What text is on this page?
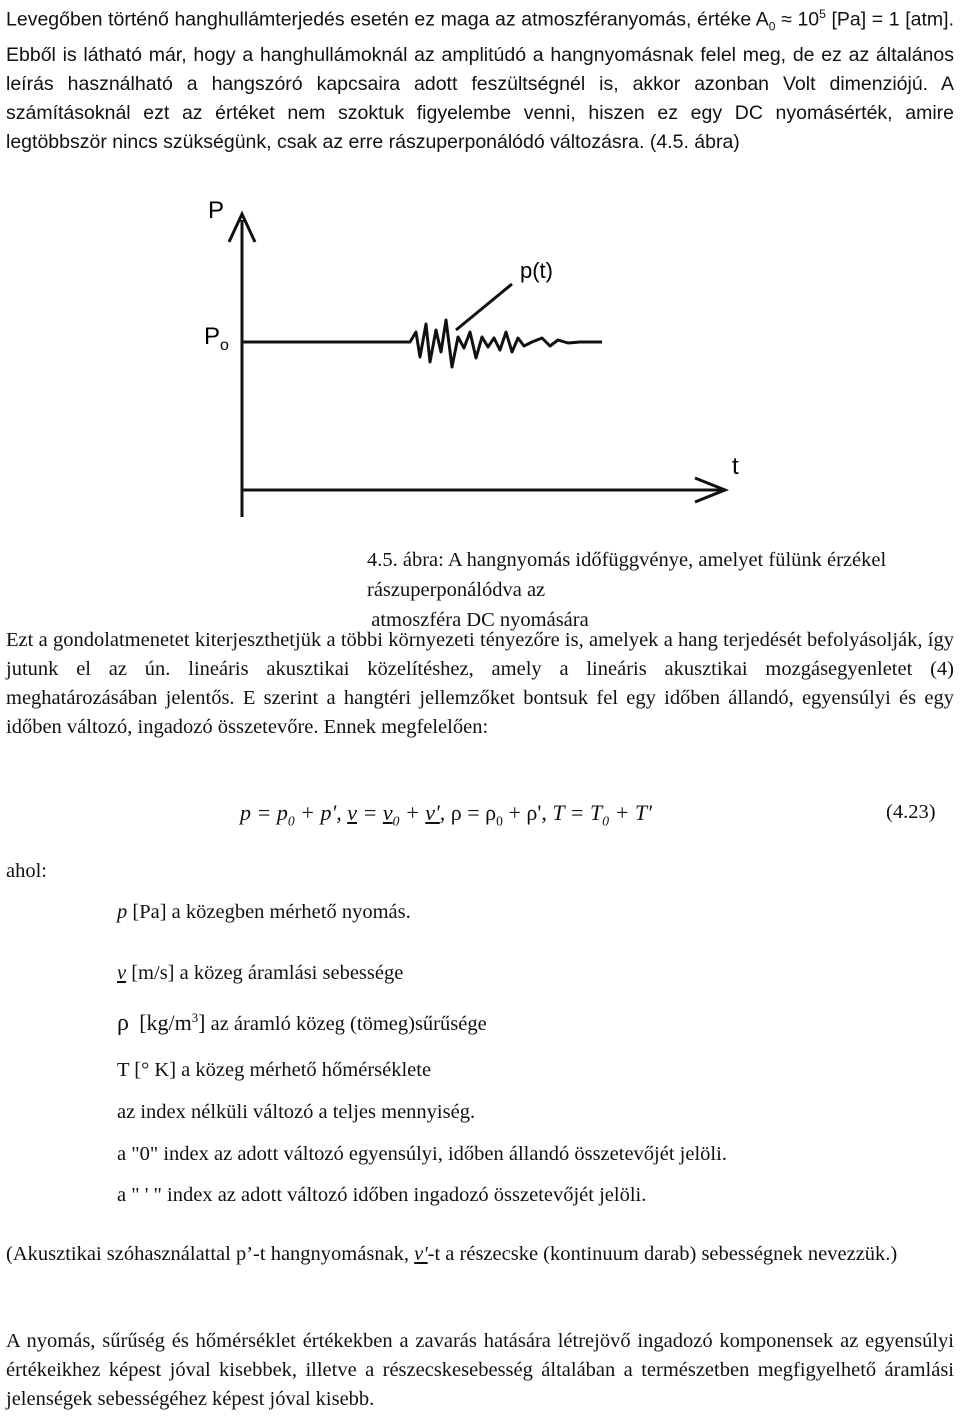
Levegőben történő hanghullámterjedés esetén ez maga az atmoszféranyomás, értéke $A_0 \approx 10^5$ [Pa] = 1 [atm]. Ebből is látható már, hogy a hanghullámoknál az amplitúdó a hangnyomásnak felel meg, de ez az általános leírás használható a hangszóró kapcsaira adott feszültségnél is, akkor azonban Volt dimenziójú. A számításoknál ezt az értéket nem szoktuk figyelembe venni, hiszen ez egy DC nyomásérték, amire legtöbbször nincs szükségünk, csak az erre rászuperponálódó változásra. (4.5. ábra)

P
$P_o$
p(t)
t

4.5. ábra: A hangnyomás időfüggvénye, amelyet fülünk érzékel rászuperponálódva az
atmoszféra DC nyomására

Ezt a gondolatmenetet kiterjeszthetjük a többi környezeti tényezőre is, amelyek a hang terjedését befolyásolják, így jutunk el az ún. lineáris akusztikai közelítéshez, amely a lineáris akusztikai mozgásegyenletet (4) meghatározásában jelentős. E szerint a hangtéri jellemzőket bontsuk fel egy időben állandó, egyensúlyi és egy időben változó, ingadozó összetevőre. Ennek megfelelően:

$p = p_0 + p'$, $v = v_0 + v'$, $\rho = \rho_0 + \rho'$, $T = T_0 + T'$	(4.23)
ahol:
p [Pa] a közegben mérhető nyomás.
v [m/s] a közeg áramlási sebessége
ρ $[kg/m^3]$ az áramló közeg (tömeg)sűrűsége
T [° K] a közeg mérhető hőmérséklete
az index nélküli változó a teljes mennyiség.
a "0" index az adott változó egyensúlyi, időben állandó összetevőjét jelöli.
a " ' " index az adott változó időben ingadozó összetevőjét jelöli.

(Akusztikai szóhasználattal p’-t hangnyomásnak, v'-t a részecske (kontinuum darab) sebességnek nevezzük.)

A nyomás, sűrűség és hőmérséklet értékekben a zavarás hatására létrejövő ingadozó komponensek az egyensúlyi értékeikhez képest jóval kisebbek, illetve a részecskesebesség általában a természetben megfigyelhető áramlási jelenségek sebességéhez képest jóval kisebb.
